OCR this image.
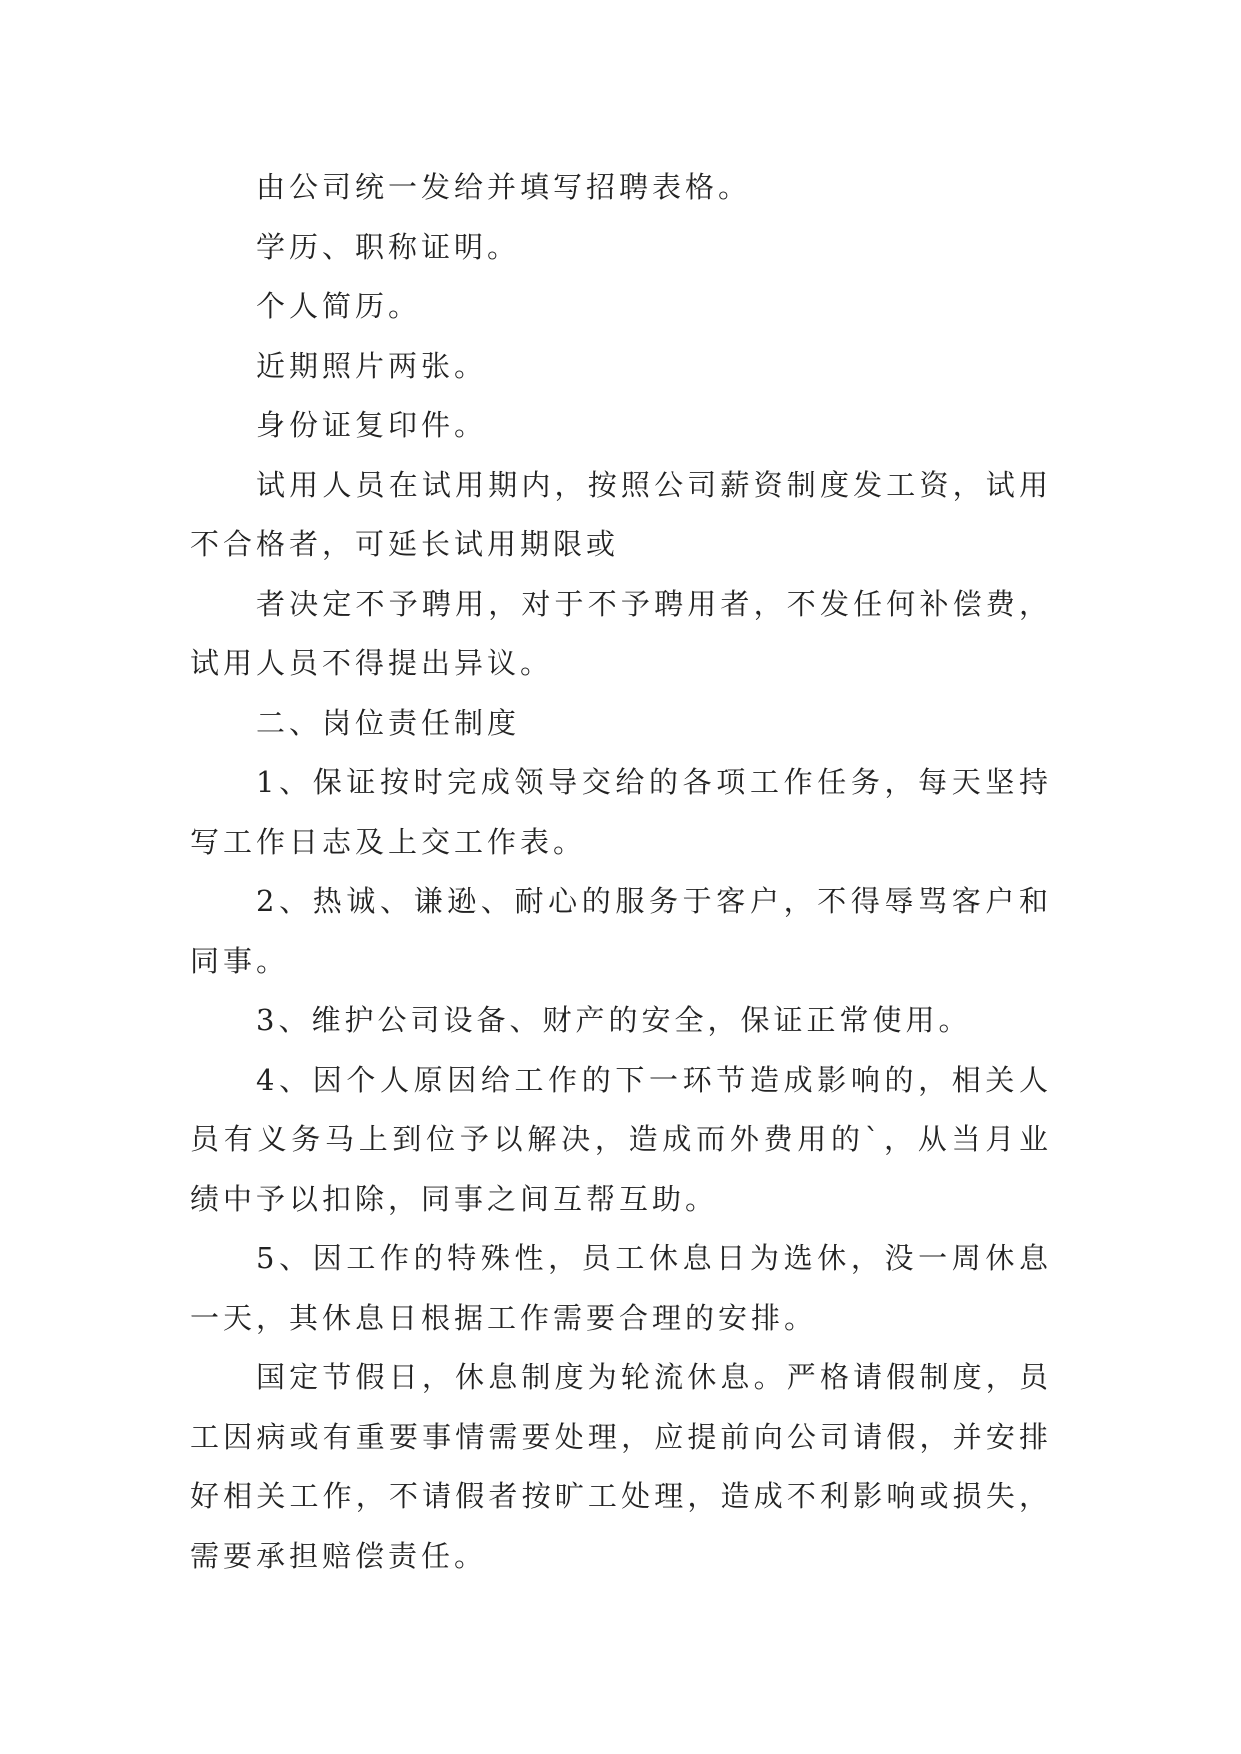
由公司统一发给并填写招聘表格。

学历、职称证明。

个人简历。

近期照片两张。

身份证复印件。

试用人员在试用期内，按照公司薪资制度发工资，试用不合格者，可延长试用期限或

者决定不予聘用，对于不予聘用者，不发任何补偿费，试用人员不得提出异议。

二、岗位责任制度

1、保证按时完成领导交给的各项工作任务，每天坚持写工作日志及上交工作表。

2、热诚、谦逊、耐心的服务于客户，不得辱骂客户和同事。

3、维护公司设备、财产的安全，保证正常使用。

4、因个人原因给工作的下一环节造成影响的，相关人员有义务马上到位予以解决，造成而外费用的`，从当月业绩中予以扣除，同事之间互帮互助。

5、因工作的特殊性，员工休息日为选休，没一周休息一天，其休息日根据工作需要合理的安排。

国定节假日，休息制度为轮流休息。严格请假制度，员工因病或有重要事情需要处理，应提前向公司请假，并安排好相关工作，不请假者按旷工处理，造成不利影响或损失，需要承担赔偿责任。
